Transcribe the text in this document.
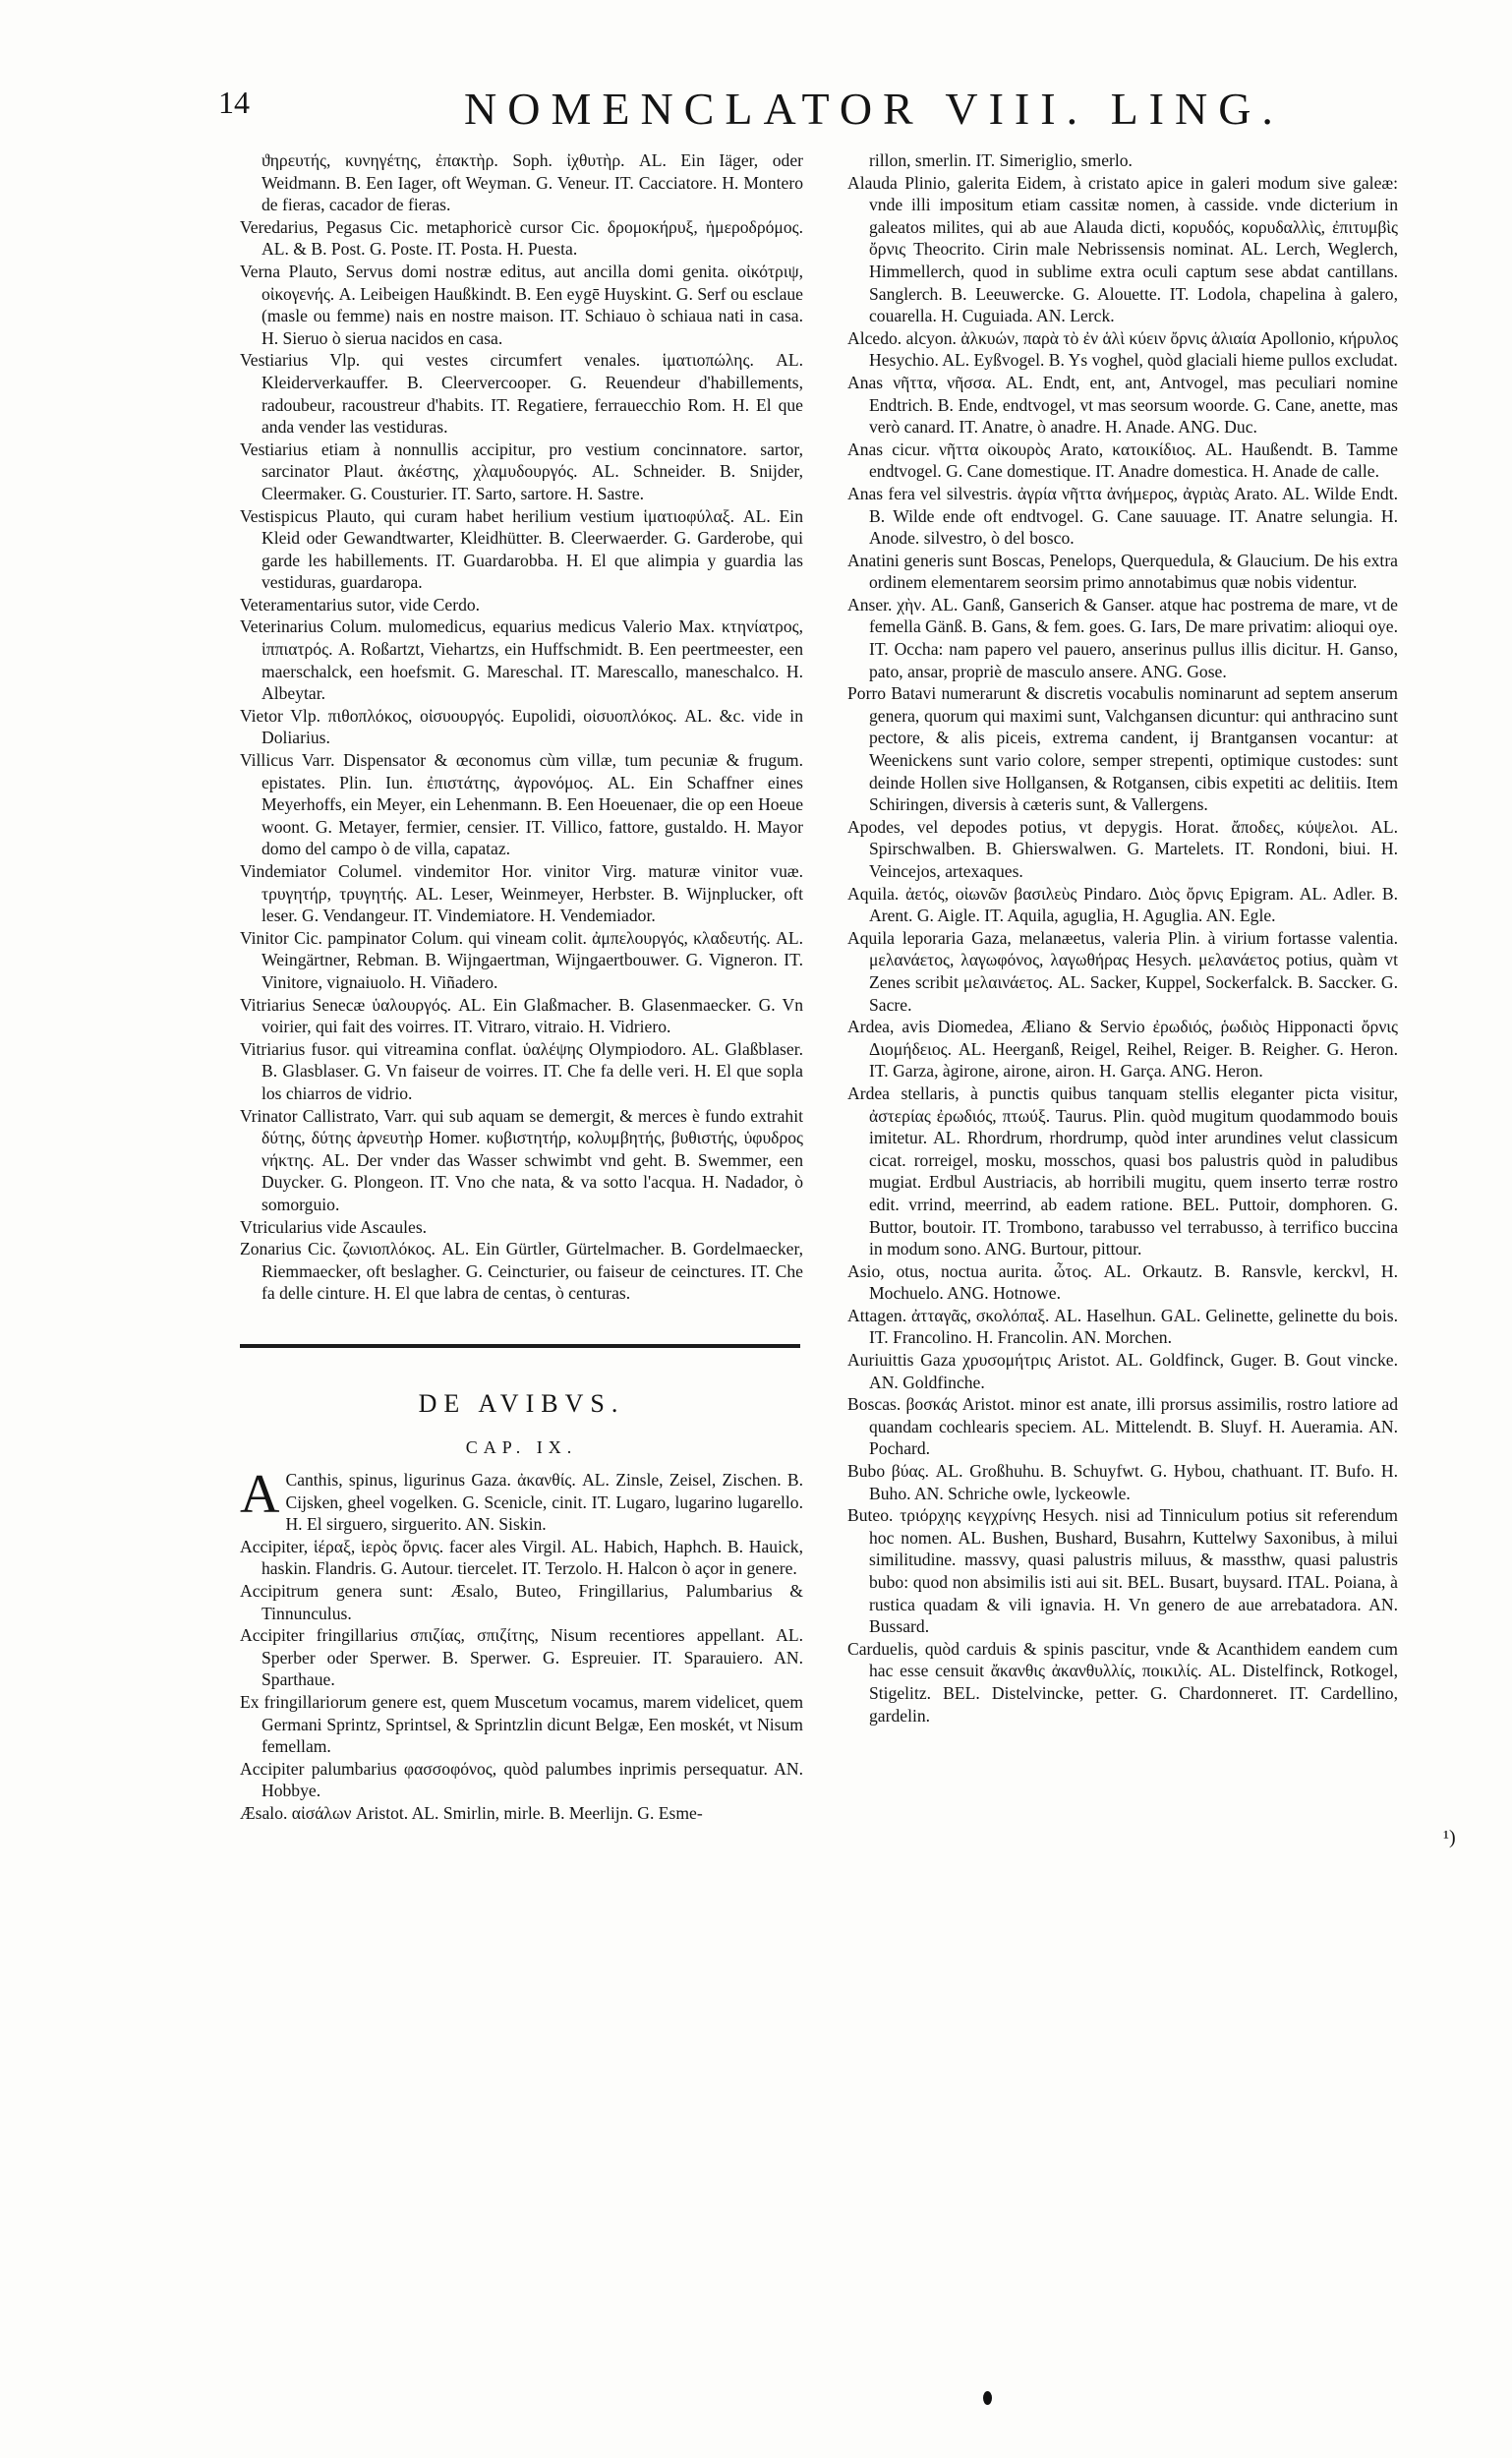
14	NOMENCLATOR VIII. LING.

ϑηρευτής, κυνηγέτης, ἐπακτὴρ. Soph. ἰχθυτὴρ. AL. Ein Iäger, oder Weidmann. B. Een Iager, oft Weyman. G. Veneur. IT. Cacciatore. H. Montero de fieras, cacador de fieras.

Veredarius, Pegasus Cic. metaphoricè cursor Cic. δρομοκήρυξ, ἡμεροδρόμος. AL. & B. Post. G. Poste. IT. Posta. H. Puesta.

Verna Plauto, Servus domi nostræ editus, aut ancilla domi genita. οἰκότριψ, οἰκογενής. A. Leibeigen Haußkindt. B. Een eygē Huyskint. G. Serf ou esclaue (masle ou femme) nais en nostre maison. IT. Schiauo ò schiaua nati in casa. H. Sieruo ò sierua nacidos en casa.

Vestiarius Vlp. qui vestes circumfert venales. ἱματιοπώλης. AL. Kleiderverkauffer. B. Cleervercooper. G. Reuendeur d'habillements, radoubeur, racoustreur d'habits. IT. Regatiere, ferrauecchio Rom. H. El que anda vender las vestiduras.

Vestiarius etiam à nonnullis accipitur, pro vestium concinnatore. sartor, sarcinator Plaut. ἀκέστης, χλαμυδουργός. AL. Schneider. B. Snijder, Cleermaker. G. Cousturier. IT. Sarto, sartore. H. Sastre.

Vestispicus Plauto, qui curam habet herilium vestium ἱματιοφύλαξ. AL. Ein Kleid oder Gewandtwarter, Kleidhütter. B. Cleerwaerder. G. Garderobe, qui garde les habillements. IT. Guardarobba. H. El que alimpia y guardia las vestiduras, guardaropa.

Veteramentarius sutor, vide Cerdo.

Veterinarius Colum. mulomedicus, equarius medicus Valerio Max. κτηνίατρος, ἱππιατρός. A. Roßartzt, Viehartzs, ein Huffschmidt. B. Een peertmeester, een maerschalck, een hoefsmit. G. Mareschal. IT. Marescallo, maneschalco. H. Albeytar.

Vietor Vlp. πιθοπλόκος, οἰσυουργός. Eupolidi, οἰσυοπλόκος. AL. &c. vide in Doliarius.

Villicus Varr. Dispensator & œconomus cùm villæ, tum pecuniæ & frugum. epistates. Plin. Iun. ἐπιστάτης, ἀγρονόμος. AL. Ein Schaffner eines Meyerhoffs, ein Meyer, ein Lehenmann. B. Een Hoeuenaer, die op een Hoeue woont. G. Metayer, fermier, censier. IT. Villico, fattore, gustaldo. H. Mayor domo del campo ò de villa, capataz.

Vindemiator Columel. vindemitor Hor. vinitor Virg. maturæ vinitor vuæ. τρυγητήρ, τρυγητής. AL. Leser, Weinmeyer, Herbster. B. Wijnplucker, oft leser. G. Vendangeur. IT. Vindemiatore. H. Vendemiador.

Vinitor Cic. pampinator Colum. qui vineam colit. ἀμπελουργός, κλαδευτής. AL. Weingärtner, Rebman. B. Wijngaertman, Wijngaertbouwer. G. Vigneron. IT. Vinitore, vignaiuolo. H. Viñadero.

Vitriarius Senecæ ὑαλουργός. AL. Ein Glaßmacher. B. Glasenmaecker. G. Vn voirier, qui fait des voirres. IT. Vitraro, vitraio. H. Vidriero.

Vitriarius fusor. qui vitreamina conflat. ὑαλέψης Olympiodoro. AL. Glaßblaser. B. Glasblaser. G. Vn faiseur de voirres. IT. Che fa delle veri. H. El que sopla los chiarros de vidrio.

Vrinator Callistrato, Varr. qui sub aquam se demergit, & merces è fundo extrahit δύτης, δύτης ἀρνευτὴρ Homer. κυβιστητήρ, κολυμβητής, βυθιστής, ὑφυδρος νήκτης. AL. Der vnder das Wasser schwimbt vnd geht. B. Swemmer, een Duycker. G. Plongeon. IT. Vno che nata, & va sotto l'acqua. H. Nadador, ò somorguio.

Vtricularius vide Ascaules.

Zonarius Cic. ζωνιοπλόκος. AL. Ein Gürtler, Gürtelmacher. B. Gordelmaecker, Riemmaecker, oft beslagher. G. Ceincturier, ou faiseur de ceinctures. IT. Che fa delle cinture. H. El que labra de centas, ò centuras.

DE AVIBVS.
CAP. IX.

A Canthis, spinus, ligurinus Gaza. ἀκανθίς. AL. Zinsle, Zeisel, Zischen. B. Cijsken, gheel vogelken. G. Scenicle, cinit. IT. Lugaro, lugarino lugarello. H. El sirguero, sirguerito. AN. Siskin.

Accipiter, ἱέραξ, ἱερὸς ὄρνις. facer ales Virgil. AL. Habich, Haphch. B. Hauick, haskin. Flandris. G. Autour. tiercelet. IT. Terzolo. H. Halcon ò açor in genere.

Accipitrum genera sunt: Æsalo, Buteo, Fringillarius, Palumbarius & Tinnunculus.

Accipiter fringillarius σπιζίας, σπιζίτης, Nisum recentiores appellant. AL. Sperber oder Sperwer. B. Sperwer. G. Espreuier. IT. Sparauiero. AN. Sparthaue.

Ex fringillariorum genere est, quem Muscetum vocamus, marem videlicet, quem Germani Sprintz, Sprintsel, & Sprintzlin dicunt Belgæ, Een moskét, vt Nisum femellam.

Accipiter palumbarius φασσοφόνος, quòd palumbes inprimis persequatur. AN. Hobbye.

Æsalo. αἰσάλων Aristot. AL. Smirlin, mirle. B. Meerlijn. G. Esme-

rillon, smerlin. IT. Simeriglio, smerlo.

Alauda Plinio, galerita Eidem, à cristato apice in galeri modum sive galeæ: vnde illi impositum etiam cassitæ nomen, à casside. vnde dicterium in galeatos milites, qui ab aue Alauda dicti, κορυδός, κορυδαλλὶς, ἐπιτυμβὶς ὄρνις Theocrito. Cirin male Nebrissensis nominat. AL. Lerch, Weglerch, Himmellerch, quod in sublime extra oculi captum sese abdat cantillans. Sanglerch. B. Leeuwercke. G. Alouette. IT. Lodola, chapelina à galero, couarella. H. Cuguiada. AN. Lerck.

Alcedo. alcyon. ἀλκυών, παρὰ τὸ ἐν ἁλὶ κύειν ὄρνις ἁλιαία Apollonio, κήρυλος Hesychio. AL. Eyßvogel. B. Ys voghel, quòd glaciali hieme pullos excludat.

Anas νῆττα, νῆσσα. AL. Endt, ent, ant, Antvogel, mas peculiari nomine Endtrich. B. Ende, endtvogel, vt mas seorsum woorde. G. Cane, anette, mas verò canard. IT. Anatre, ò anadre. H. Anade. ANG. Duc.

Anas cicur. νῆττα οἰκουρὸς Arato, κατοικίδιος. AL. Haußendt. B. Tamme endtvogel. G. Cane domestique. IT. Anadre domestica. H. Anade de calle.

Anas fera vel silvestris. ἀγρία νῆττα ἀνήμερος, ἀγριὰς Arato. AL. Wilde Endt. B. Wilde ende oft endtvogel. G. Cane sauuage. IT. Anatre selungia. H. Anode. silvestro, ò del bosco.

Anatini generis sunt Boscas, Penelops, Querquedula, & Glaucium. De his extra ordinem elementarem seorsim primo annotabimus quæ nobis videntur.

Anser. χὴν. AL. Ganß, Ganserich & Ganser. atque hac postrema de mare, vt de femella Gänß. B. Gans, & fem. goes. G. Iars, De mare privatim: alioqui oye. IT. Occha: nam papero vel pauero, anserinus pullus illis dicitur. H. Ganso, pato, ansar, propriè de masculo ansere. ANG. Gose.

Porro Batavi numerarunt & discretis vocabulis nominarunt ad septem anserum genera, quorum qui maximi sunt, Valchgansen dicuntur: qui anthracino sunt pectore, & alis piceis, extrema candent, ij Brantgansen vocantur: at Weenickens sunt vario colore, semper strepenti, optimique custodes: sunt deinde Hollen sive Hollgansen, & Rotgansen, cibis expetiti ac delitiis. Item Schiringen, diversis à cæteris sunt, & Vallergens.

Apodes, vel depodes potius, vt depygis. Horat. ἄποδες, κύψελοι. AL. Spirschwalben. B. Ghierswalwen. G. Martelets. IT. Rondoni, biui. H. Veincejos, artexaques.

Aquila. ἀετός, οἰωνῶν βασιλεὺς Pindaro. Διὸς ὄρνις Epigram. AL. Adler. B. Arent. G. Aigle. IT. Aquila, aguglia, H. Aguglia. AN. Egle.

Aquila leporaria Gaza, melanæetus, valeria Plin. à virium fortasse valentia. μελανάετος, λαγωφόνος, λαγωθήρας Hesych. μελανάετος potius, quàm vt Zenes scribit μελαινάετος. AL. Sacker, Kuppel, Sockerfalck. B. Saccker. G. Sacre.

Ardea, avis Diomedea, Æliano & Servio ἐρωδιός, ῥωδιὸς Hipponacti ὄρνις Διομήδειος. AL. Heerganß, Reigel, Reihel, Reiger. B. Reigher. G. Heron. IT. Garza, àgirone, airone, airon. H. Garça. ANG. Heron.

Ardea stellaris, à punctis quibus tanquam stellis eleganter picta visitur, ἀστερίας ἐρωδιός, πτωύξ. Taurus. Plin. quòd mugitum quodammodo bouis imitetur. AL. Rhordrum, rhordrump, quòd inter arundines velut classicum cicat. rorreigel, mosku, mosschos, quasi bos palustris quòd in paludibus mugiat. Erdbul Austriacis, ab horribili mugitu, quem inserto terræ rostro edit. vrrind, meerrind, ab eadem ratione. BEL. Puttoir, domphoren. G. Buttor, boutoir. IT. Trombono, tarabusso vel terrabusso, à terrifico buccina in modum sono. ANG. Burtour, pittour.

Asio, otus, noctua aurita. ὦτος. AL. Orkautz. B. Ransvle, kerckvl, H. Mochuelo. ANG. Hotnowe.

Attagen. ἀτταγᾶς, σκολόπαξ. AL. Haselhun. GAL. Gelinette, gelinette du bois. IT. Francolino. H. Francolin. AN. Morchen.

Auriuittis Gaza χρυσομήτρις Aristot. AL. Goldfinck, Guger. B. Gout vincke. AN. Goldfinche.

Boscas. βοσκάς Aristot. minor est anate, illi prorsus assimilis, rostro latiore ad quandam cochlearis speciem. AL. Mittelendt. B. Sluyf. H. Aueramia. AN. Pochard.

Bubo βύας. AL. Großhuhu. B. Schuyfwt. G. Hybou, chathuant. IT. Bufo. H. Buho. AN. Schriche owle, lyckeowle.

Buteo. τριόρχης κεγχρίνης Hesych. nisi ad Tinniculum potius sit referendum hoc nomen. AL. Bushen, Bushard, Busahrn, Kuttelwy Saxonibus, à milui similitudine. massvy, quasi palustris miluus, & massthw, quasi palustris bubo: quod non absimilis isti aui sit. BEL. Busart, buysard. ITAL. Poiana, à rustica quadam & vili ignavia. H. Vn genero de aue arrebatadora. AN. Bussard.

Carduelis, quòd carduis & spinis pascitur, vnde & Acanthidem eandem cum hac esse censuit ἄκανθις ἀκανθυλλίς, ποικιλίς. AL. Distelfinck, Rotkogel, Stigelitz. BEL. Distelvincke, petter. G. Chardonneret. IT. Cardellino, gardelin.

¹)
